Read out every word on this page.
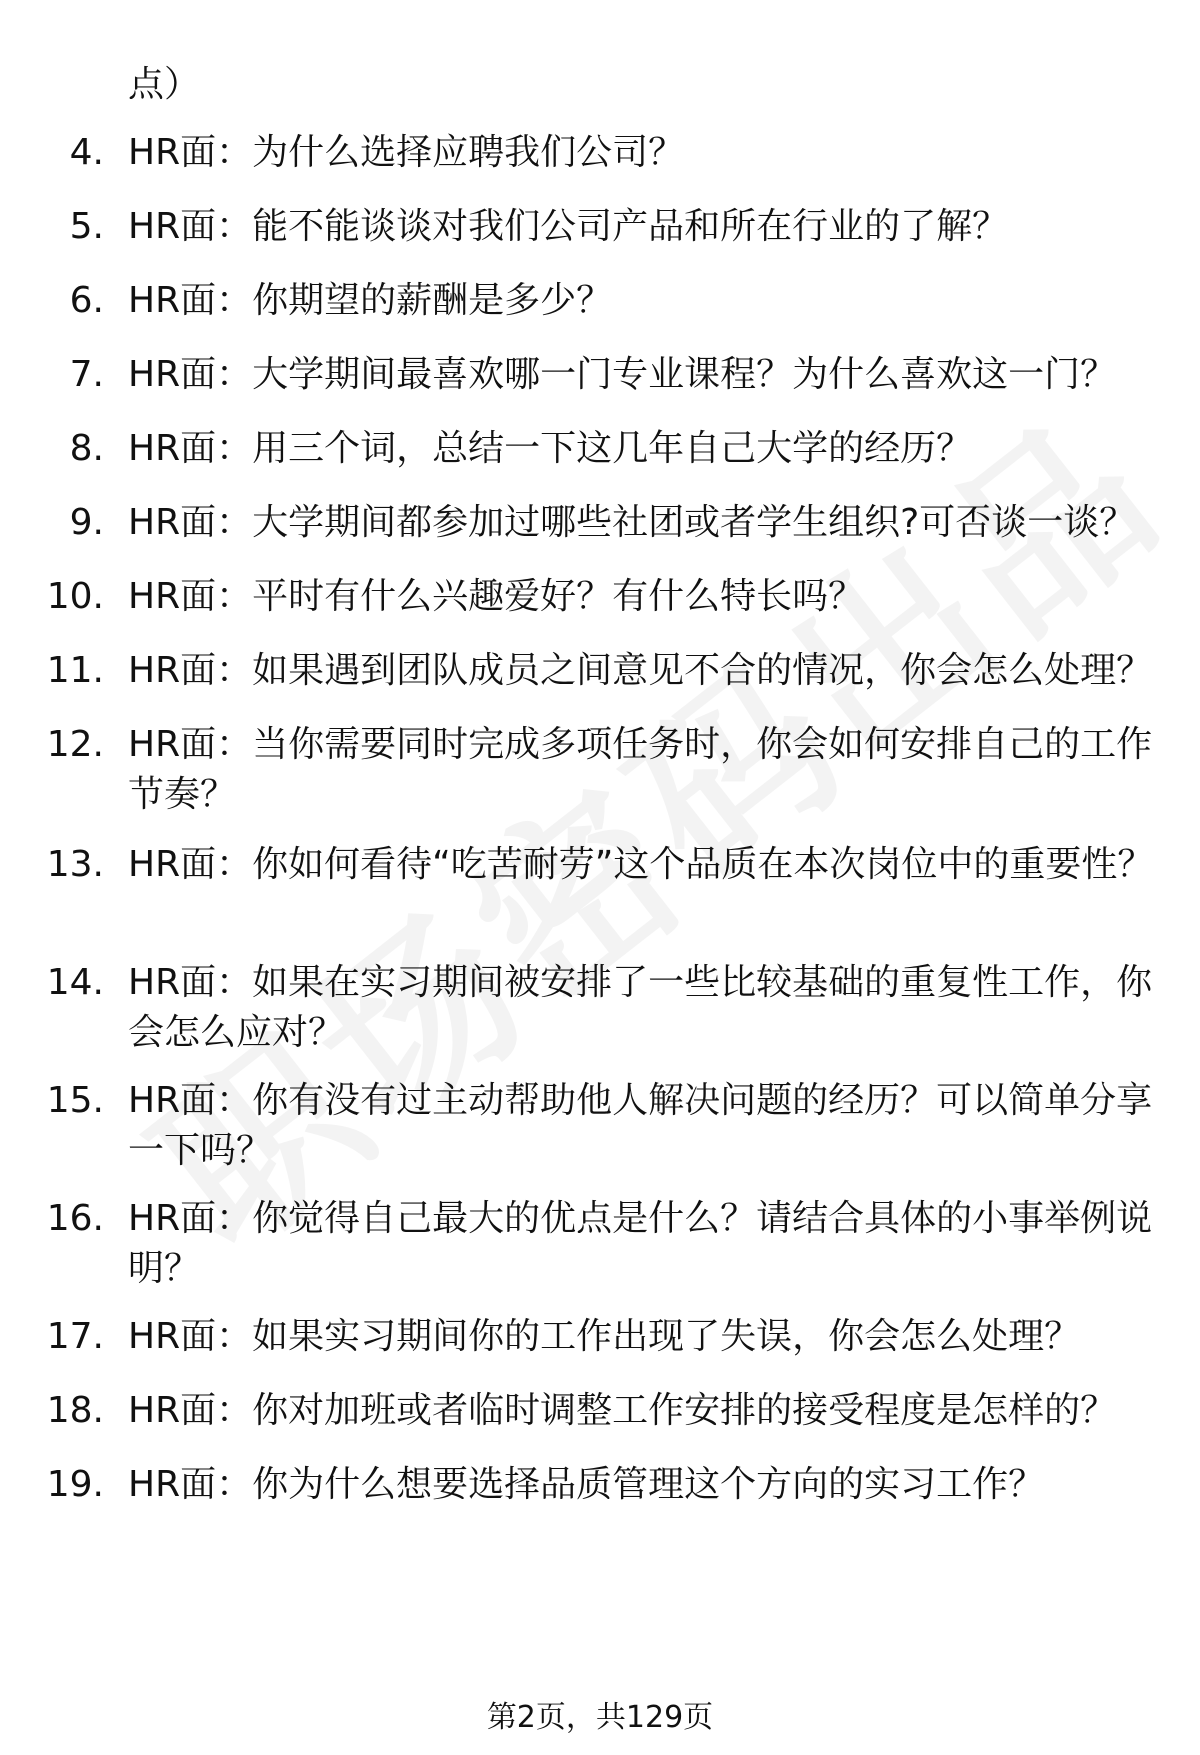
点）
4. HR面：为什么选择应聘我们公司？
5. HR面：能不能谈谈对我们公司产品和所在行业的了解？
6. HR面：你期望的薪酬是多少？
7. HR面：大学期间最喜欢哪一门专业课程？为什么喜欢这一门？
8. HR面：用三个词，总结一下这几年自己大学的经历？
9. HR面：大学期间都参加过哪些社团或者学生组织?可否谈一谈？
10. HR面：平时有什么兴趣爱好？有什么特长吗？
11. HR面：如果遇到团队成员之间意见不合的情况，你会怎么处理？
12. HR面：当你需要同时完成多项任务时，你会如何安排自己的工作节奏？
13. HR面：你如何看待“吃苦耐劳”这个品质在本次岗位中的重要性？
14. HR面：如果在实习期间被安排了一些比较基础的重复性工作，你会怎么应对？
15. HR面：你有没有过主动帮助他人解决问题的经历？可以简单分享一下吗？
16. HR面：你觉得自己最大的优点是什么？请结合具体的小事举例说明？
17. HR面：如果实习期间你的工作出现了失误，你会怎么处理？
18. HR面：你对加班或者临时调整工作安排的接受程度是怎样的？
19. HR面：你为什么想要选择品质管理这个方向的实习工作？
第2页，共129页
